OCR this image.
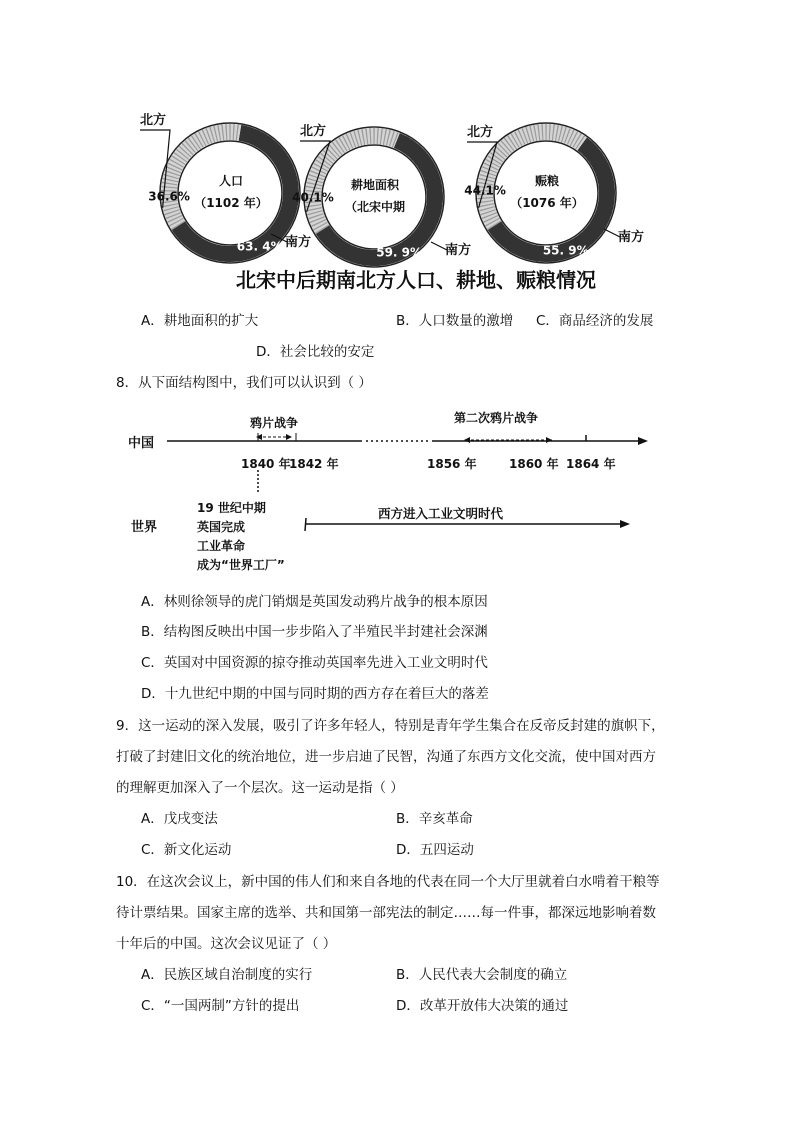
36.6%
63. 4%
人口
（1102 年）
北方
南方
40.1%
59. 9%
耕地面积
（北宋中期
北方
南方
44.1%
55. 9%
赈粮
（1076 年）
北方
南方
北宋中后期南北方人口、耕地、赈粮情况
A．耕地面积的扩大	B．人口数量的激增 C．商品经济的发展
D．社会比较的安定
8．从下面结构图中，我们可以认识到（ ）
中国
鸦片战争	第二次鸦片战争
1840 年
1842 年	1856 年	1860 年 1864 年
世界
19 世纪中期
英国完成
工业革命
成为“世界工厂”
西方进入工业文明时代
A．林则徐领导的虎门销烟是英国发动鸦片战争的根本原因
B．结构图反映出中国一步步陷入了半殖民半封建社会深渊
C．英国对中国资源的掠夺推动英国率先进入工业文明时代
D．十九世纪中期的中国与同时期的西方存在着巨大的落差
9．这一运动的深入发展，吸引了许多年轻人，特别是青年学生集合在反帝反封建的旗帜下，
打破了封建旧文化的统治地位，进一步启迪了民智，沟通了东西方文化交流，使中国对西方
的理解更加深入了一个层次。这一运动是指（ ）
A．戊戌变法	B．辛亥革命
C．新文化运动	D．五四运动
10．在这次会议上，新中国的伟人们和来自各地的代表在同一个大厅里就着白水啃着干粮等
待计票结果。国家主席的选举、共和国第一部宪法的制定……每一件事，都深远地影响着数
十年后的中国。这次会议见证了（ ）
A．民族区域自治制度的实行	B．人民代表大会制度的确立
C．“一国两制”方针的提出	D．改革开放伟大决策的通过
